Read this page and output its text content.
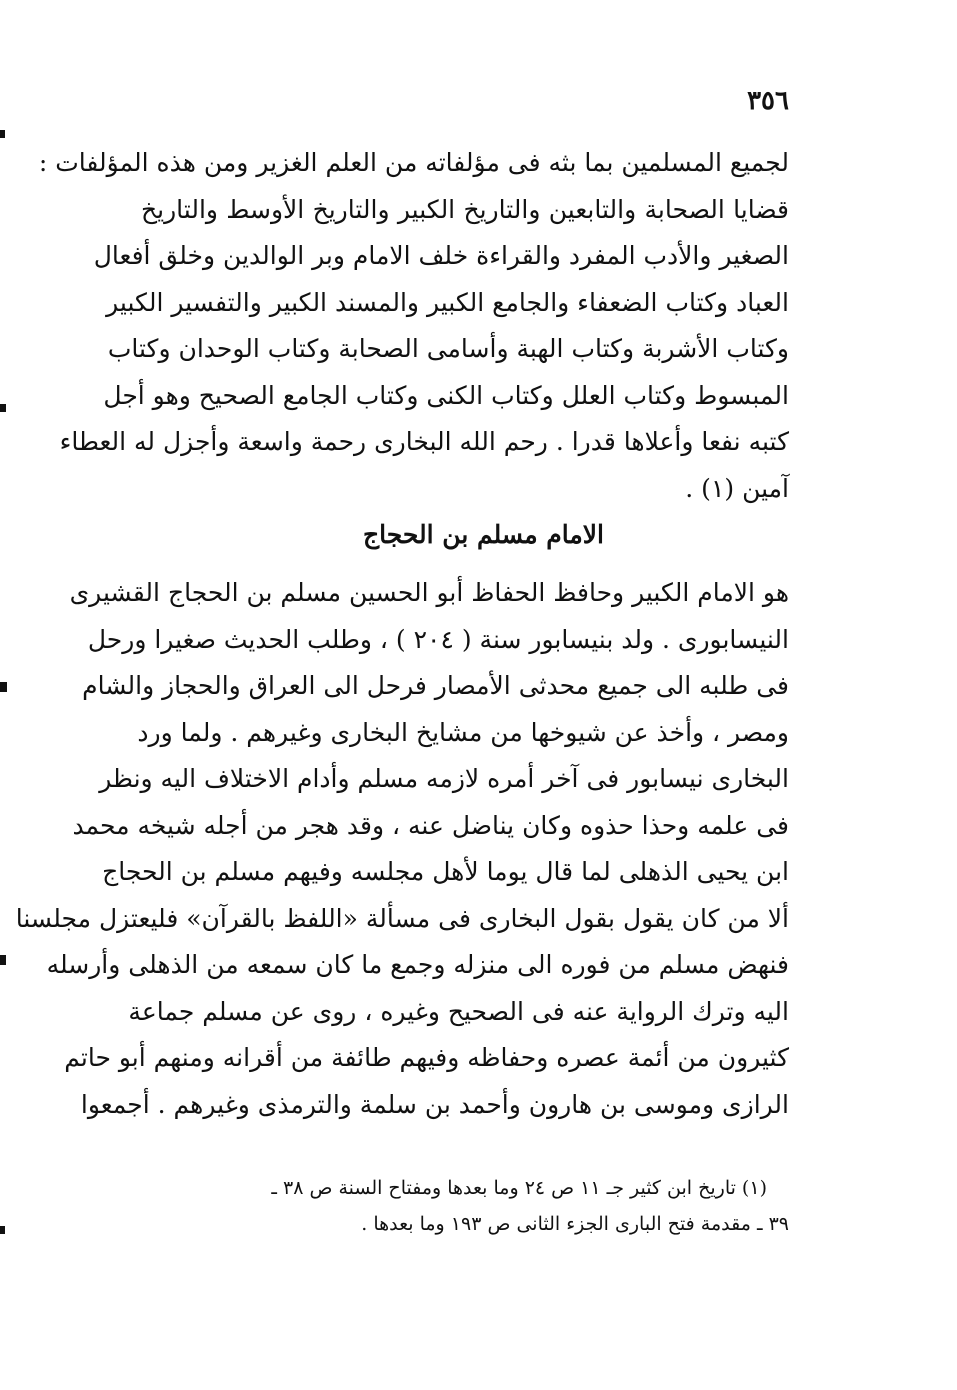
٣٥٦
لجميع المسلمين بما بثه فى مؤلفاته من العلم الغزير ومن هذه المؤلفات :
قضايا الصحابة والتابعين والتاريخ الكبير والتاريخ الأوسط والتاريخ
الصغير والأدب المفرد والقراءة خلف الامام وبر الوالدين وخلق أفعال
العباد وكتاب الضعفاء والجامع الكبير والمسند الكبير والتفسير الكبير
وكتاب الأشربة وكتاب الهبة وأسامى الصحابة وكتاب الوحدان وكتاب
المبسوط وكتاب العلل وكتاب الكنى وكتاب الجامع الصحيح وهو أجل
كتبه نفعا وأعلاها قدرا . رحم الله البخارى رحمة واسعة وأجزل له العطاء
آمين (١) .
الامام مسلم بن الحجاج
هو الامام الكبير وحافظ الحفاظ أبو الحسين مسلم بن الحجاج القشيرى
النيسابورى . ولد بنيسابور سنة ( ٢٠٤ ) ، وطلب الحديث صغيرا ورحل
فى طلبه الى جميع محدثى الأمصار فرحل الى العراق والحجاز والشام
ومصر ، وأخذ عن شيوخها من مشايخ البخارى وغيرهم . ولما ورد
البخارى نيسابور فى آخر أمره لازمه مسلم وأدام الاختلاف اليه ونظر
فى علمه وحذا حذوه وكان يناضل عنه ، وقد هجر من أجله شيخه محمد
ابن يحيى الذهلى لما قال يوما لأهل مجلسه وفيهم مسلم بن الحجاج
ألا من كان يقول بقول البخارى فى مسألة «اللفظ بالقرآن» فليعتزل مجلسنا
فنهض مسلم من فوره الى منزله وجمع ما كان سمعه من الذهلى وأرسله
اليه وترك الرواية عنه فى الصحيح وغيره ، روى عن مسلم جماعة
كثيرون من أئمة عصره وحفاظه وفيهم طائفة من أقرانه ومنهم أبو حاتم
الرازى وموسى بن هارون وأحمد بن سلمة والترمذى وغيرهم . أجمعوا
(١) تاريخ ابن كثير جـ ١١ ص ٢٤ وما بعدها ومفتاح السنة ص ٣٨ ـ
٣٩ ـ مقدمة فتح البارى الجزء الثانى ص ١٩٣ وما بعدها .
